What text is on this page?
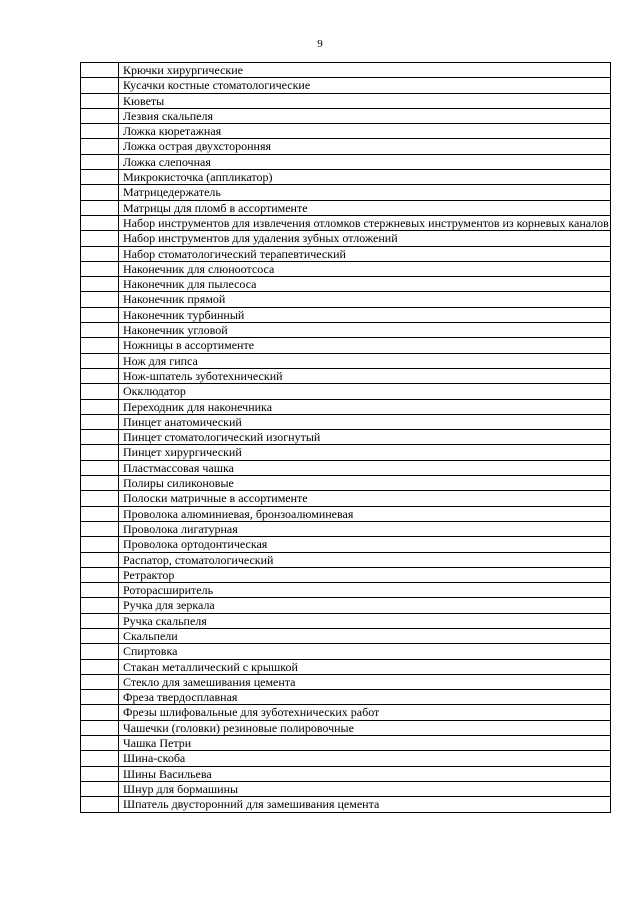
9
	Крючки хирургические
	Кусачки костные стоматологические
	Кюветы
	Лезвия скальпеля
	Ложка кюретажная
	Ложка острая двухсторонняя
	Ложка слепочная
	Микрокисточка (аппликатор)
	Матрицедержатель
	Матрицы для пломб в ассортименте
	Набор инструментов для извлечения отломков стержневых инструментов из корневых каналов
	Набор инструментов для удаления зубных отложений
	Набор стоматологический терапевтический
	Наконечник для слюноотсоса
	Наконечник для пылесоса
	Наконечник прямой
	Наконечник турбинный
	Наконечник угловой
	Ножницы в ассортименте
	Нож для гипса
	Нож-шпатель зуботехнический
	Окклюдатор
	Переходник для наконечника
	Пинцет анатомический
	Пинцет стоматологический изогнутый
	Пинцет хирургический
	Пластмассовая чашка
	Полиры силиконовые
	Полоски матричные в ассортименте
	Проволока алюминиевая, бронзоалюминевая
	Проволока лигатурная
	Проволока ортодонтическая
	Распатор, стоматологический
	Ретрактор
	Роторасширитель
	Ручка для зеркала
	Ручка скальпеля
	Скальпели
	Спиртовка
	Стакан металлический с крышкой
	Стекло для замешивания цемента
	Фреза твердосплавная
	Фрезы шлифовальные для зуботехнических работ
	Чашечки (головки) резиновые полировочные
	Чашка Петри
	Шина-скоба
	Шины Васильева
	Шнур для бормашины
	Шпатель двусторонний для замешивания цемента
